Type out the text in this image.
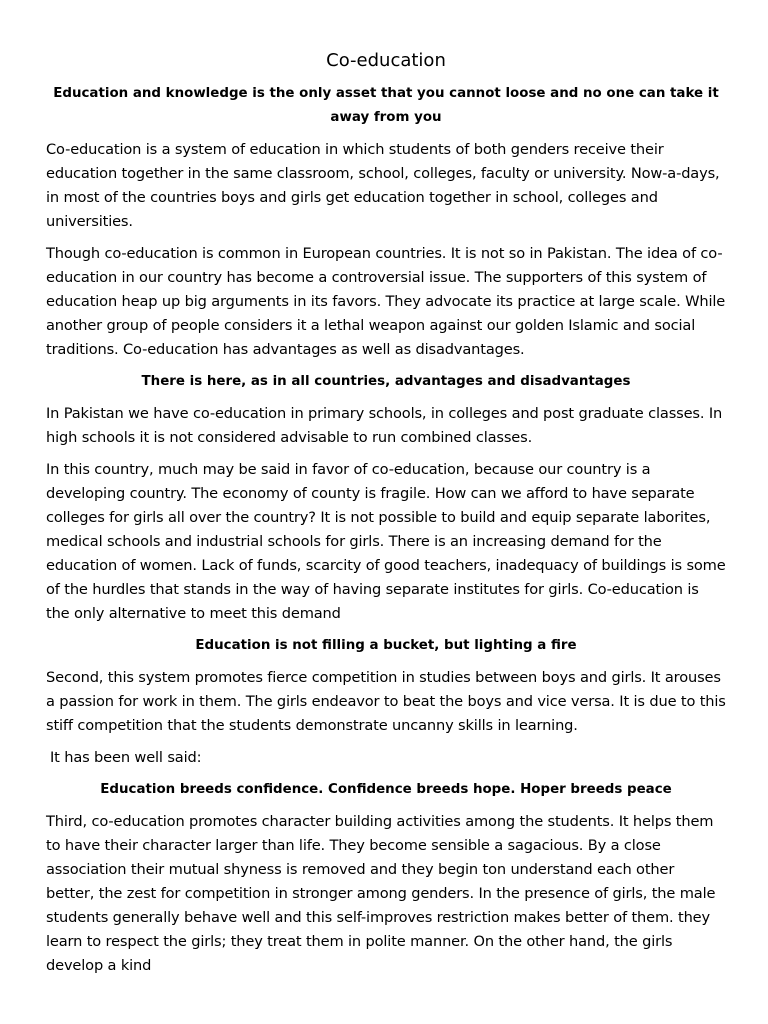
Co-education

Education and knowledge is the only asset that you cannot loose and no one can take it away from you

Co-education is a system of education in which students of both genders receive their education together in the same classroom, school, colleges, faculty or university. Now-a-days, in most of the countries boys and girls get education together in school, colleges and universities.

Though co-education is common in European countries. It is not so in Pakistan. The idea of co-education in our country has become a controversial issue. The supporters of this system of education heap up big arguments in its favors. They advocate its practice at large scale. While another group of people considers it a lethal weapon against our golden Islamic and social traditions. Co-education has advantages as well as disadvantages.

There is here, as in all countries, advantages and disadvantages

In Pakistan we have co-education in primary schools, in colleges and post graduate classes. In high schools it is not considered advisable to run combined classes.

In this country, much may be said in favor of co-education, because our country is a developing country. The economy of county is fragile. How can we afford to have separate colleges for girls all over the country? It is not possible to build and equip separate laborites, medical schools and industrial schools for girls. There is an increasing demand for the education of women. Lack of funds, scarcity of good teachers, inadequacy of buildings is some of the hurdles that stands in the way of having separate institutes for girls. Co-education is the only alternative to meet this demand

Education is not filling a bucket, but lighting a fire

Second, this system promotes fierce competition in studies between boys and girls. It arouses a passion for work in them. The girls endeavor to beat the boys and vice versa. It is due to this stiff competition that the students demonstrate uncanny skills in learning.

It has been well said:

Education breeds confidence. Confidence breeds hope. Hoper breeds peace

Third, co-education promotes character building activities among the students. It helps them to have their character larger than life. They become sensible a sagacious. By a close association their mutual shyness is removed and they begin ton understand each other better, the zest for competition in stronger among genders. In the presence of girls, the male students generally behave well and this self-improves restriction makes better of them. they learn to respect the girls; they treat them in polite manner. On the other hand, the girls develop a kind
